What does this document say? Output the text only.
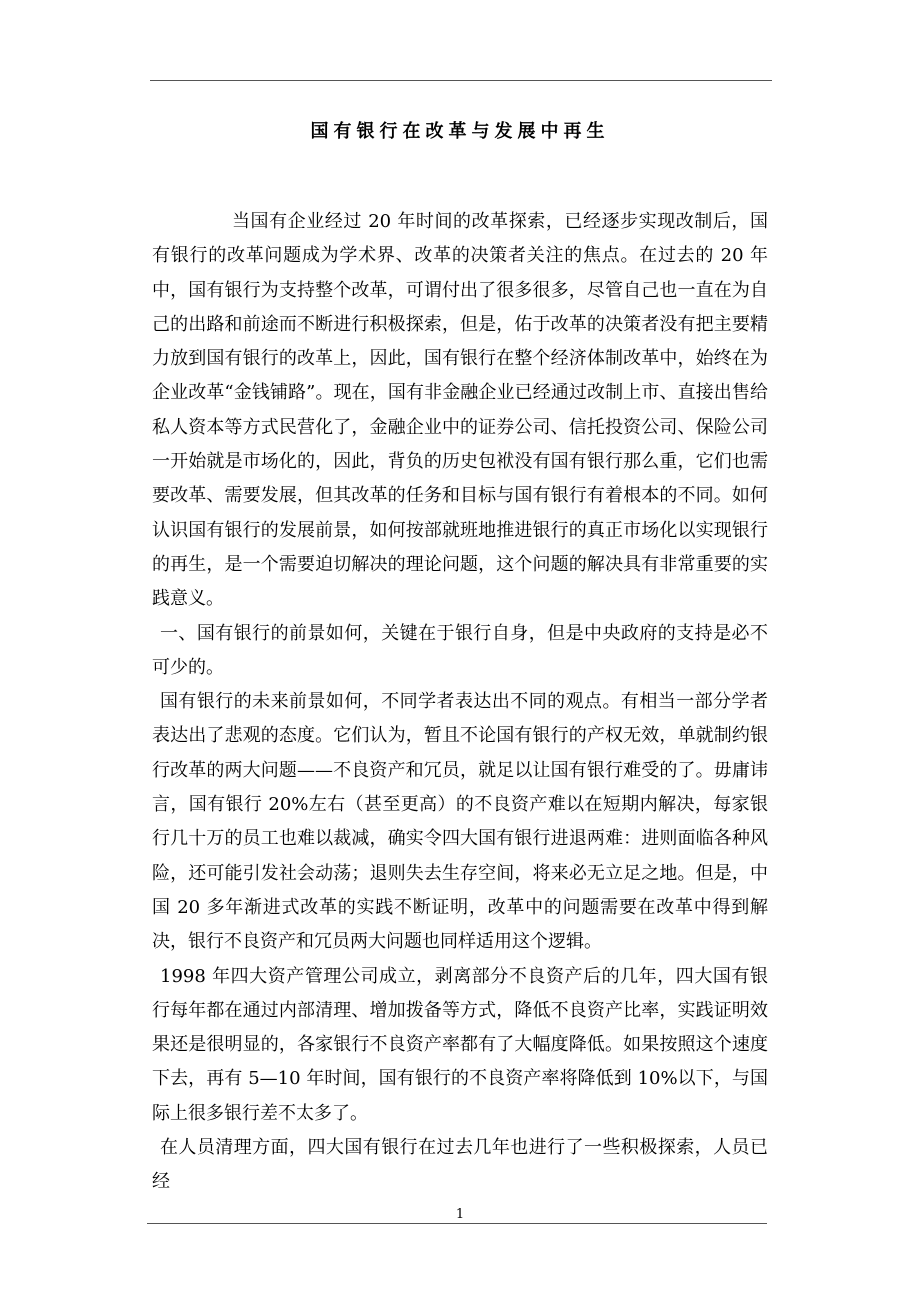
国有银行在改革与发展中再生

当国有企业经过 20 年时间的改革探索，已经逐步实现改制后，国有银行的改革问题成为学术界、改革的决策者关注的焦点。在过去的 20 年中，国有银行为支持整个改革，可谓付出了很多很多，尽管自己也一直在为自己的出路和前途而不断进行积极探索，但是，佑于改革的决策者没有把主要精力放到国有银行的改革上，因此，国有银行在整个经济体制改革中，始终在为企业改革“金钱铺路”。现在，国有非金融企业已经通过改制上市、直接出售给私人资本等方式民营化了，金融企业中的证券公司、信托投资公司、保险公司一开始就是市场化的，因此，背负的历史包袱没有国有银行那么重，它们也需要改革、需要发展，但其改革的任务和目标与国有银行有着根本的不同。如何认识国有银行的发展前景，如何按部就班地推进银行的真正市场化以实现银行的再生，是一个需要迫切解决的理论问题，这个问题的解决具有非常重要的实践意义。

一、国有银行的前景如何，关键在于银行自身，但是中央政府的支持是必不可少的。

国有银行的未来前景如何，不同学者表达出不同的观点。有相当一部分学者表达出了悲观的态度。它们认为，暂且不论国有银行的产权无效，单就制约银行改革的两大问题——不良资产和冗员，就足以让国有银行难受的了。毋庸讳言，国有银行 20%左右（甚至更高）的不良资产难以在短期内解决，每家银行几十万的员工也难以裁减，确实令四大国有银行进退两难：进则面临各种风险，还可能引发社会动荡；退则失去生存空间，将来必无立足之地。但是，中国 20 多年渐进式改革的实践不断证明，改革中的问题需要在改革中得到解决，银行不良资产和冗员两大问题也同样适用这个逻辑。

1998 年四大资产管理公司成立，剥离部分不良资产后的几年，四大国有银行每年都在通过内部清理、增加拨备等方式，降低不良资产比率，实践证明效果还是很明显的，各家银行不良资产率都有了大幅度降低。如果按照这个速度下去，再有 5—10 年时间，国有银行的不良资产率将降低到 10%以下，与国际上很多银行差不太多了。

在人员清理方面，四大国有银行在过去几年也进行了一些积极探索，人员已经

1
